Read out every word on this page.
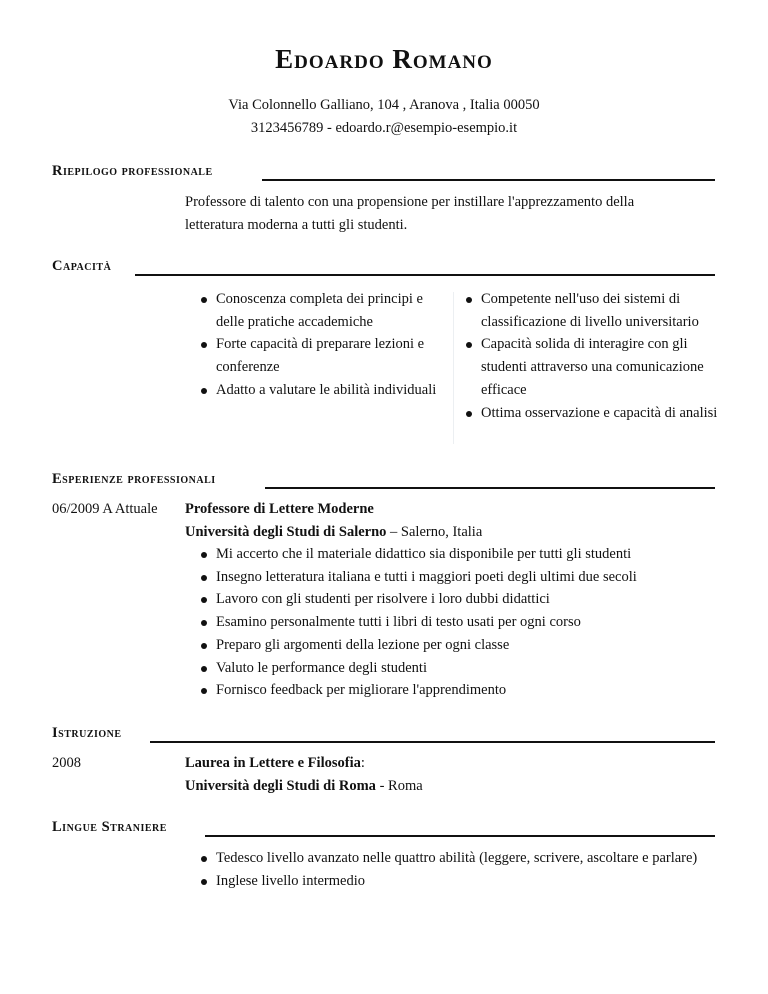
Edoardo Romano
Via Colonnello Galliano, 104 , Aranova , Italia 00050
3123456789 - edoardo.r@esempio-esempio.it
Riepilogo professionale
Professore di talento con una propensione per instillare l'apprezzamento della letteratura moderna a tutti gli studenti.
Capacità
Conoscenza completa dei principi e delle pratiche accademiche
Forte capacità di preparare lezioni e conferenze
Adatto a valutare le abilità individuali
Competente nell'uso dei sistemi di classificazione di livello universitario
Capacità solida di interagire con gli studenti attraverso una comunicazione efficace
Ottima osservazione e capacità di analisi
Esperienze professionali
06/2009 A Attuale Professore di Lettere Moderne
Università degli Studi di Salerno – Salerno, Italia
Mi accerto che il materiale didattico sia disponibile per tutti gli studenti
Insegno letteratura italiana e tutti i maggiori poeti degli ultimi due secoli
Lavoro con gli studenti per risolvere i loro dubbi didattici
Esamino personalmente tutti i libri di testo usati per ogni corso
Preparo gli argomenti della lezione per ogni classe
Valuto le performance degli studenti
Fornisco feedback per migliorare l'apprendimento
Istruzione
2008	Laurea in Lettere e Filosofia:
Università degli Studi di Roma - Roma
Lingue Straniere
Tedesco livello avanzato nelle quattro abilità (leggere, scrivere, ascoltare e parlare)
Inglese livello intermedio
